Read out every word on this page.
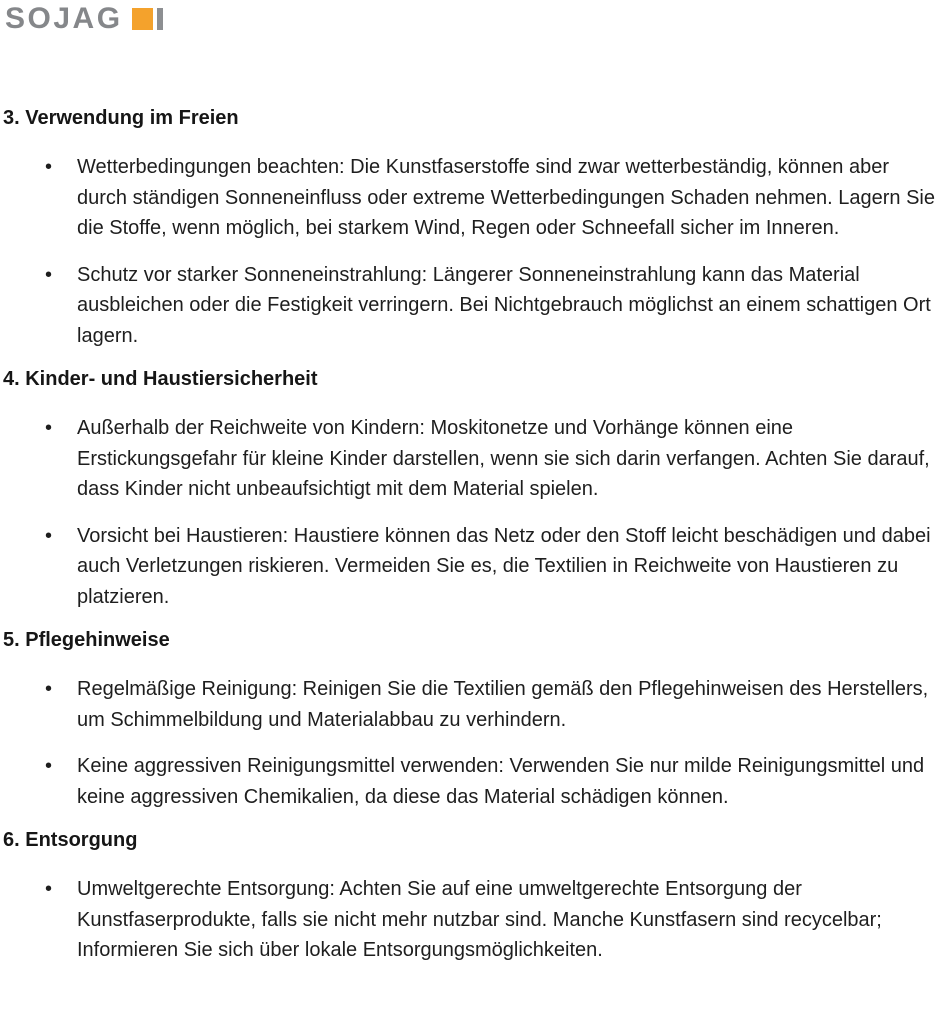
SOJAG
3. Verwendung im Freien
• Wetterbedingungen beachten: Die Kunstfaserstoffe sind zwar wetterbeständig, können aber durch ständigen Sonneneinfluss oder extreme Wetterbedingungen Schaden nehmen. Lagern Sie die Stoffe, wenn möglich, bei starkem Wind, Regen oder Schneefall sicher im Inneren.
• Schutz vor starker Sonneneinstrahlung: Längerer Sonneneinstrahlung kann das Material ausbleichen oder die Festigkeit verringern. Bei Nichtgebrauch möglichst an einem schattigen Ort lagern.
4. Kinder- und Haustiersicherheit
• Außerhalb der Reichweite von Kindern: Moskitonetze und Vorhänge können eine Erstickungsgefahr für kleine Kinder darstellen, wenn sie sich darin verfangen. Achten Sie darauf, dass Kinder nicht unbeaufsichtigt mit dem Material spielen.
• Vorsicht bei Haustieren: Haustiere können das Netz oder den Stoff leicht beschädigen und dabei auch Verletzungen riskieren. Vermeiden Sie es, die Textilien in Reichweite von Haustieren zu platzieren.
5. Pflegehinweise
• Regelmäßige Reinigung: Reinigen Sie die Textilien gemäß den Pflegehinweisen des Herstellers, um Schimmelbildung und Materialabbau zu verhindern.
• Keine aggressiven Reinigungsmittel verwenden: Verwenden Sie nur milde Reinigungsmittel und keine aggressiven Chemikalien, da diese das Material schädigen können.
6. Entsorgung
• Umweltgerechte Entsorgung: Achten Sie auf eine umweltgerechte Entsorgung der Kunstfaserprodukte, falls sie nicht mehr nutzbar sind. Manche Kunstfasern sind recycelbar; Informieren Sie sich über lokale Entsorgungsmöglichkeiten.
